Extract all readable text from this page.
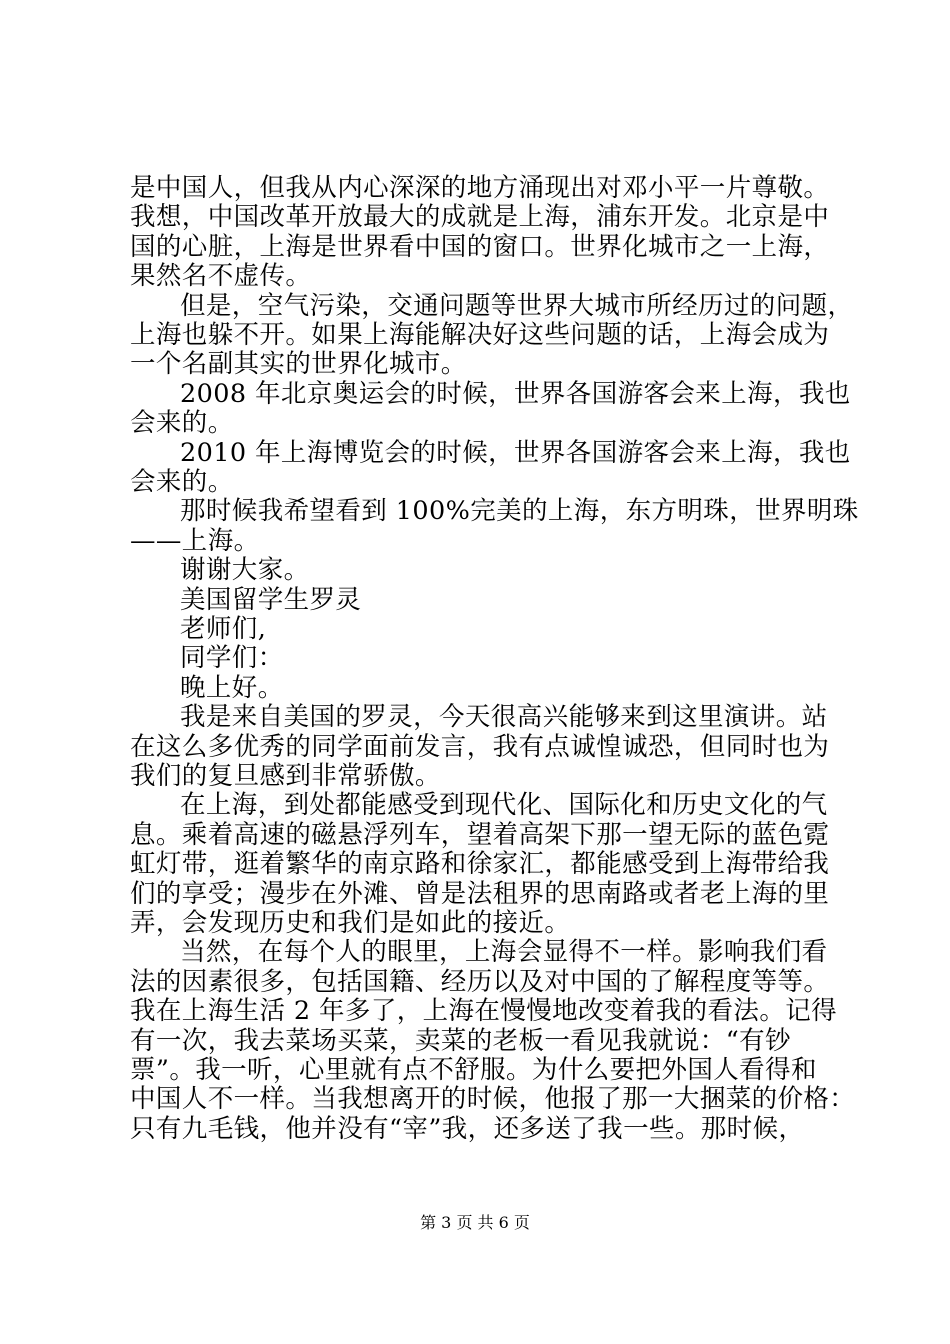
是中国人，但我从内心深深的地方涌现出对邓小平一片尊敬。
我想，中国改革开放最大的成就是上海，浦东开发。北京是中
国的心脏，上海是世界看中国的窗口。世界化城市之一上海，
果然名不虚传。
但是，空气污染，交通问题等世界大城市所经历过的问题，
上海也躲不开。如果上海能解决好这些问题的话，上海会成为
一个名副其实的世界化城市。
2008 年北京奥运会的时候，世界各国游客会来上海，我也
会来的。
2010 年上海博览会的时候，世界各国游客会来上海，我也
会来的。
那时候我希望看到 100%完美的上海，东方明珠，世界明珠
——上海。
谢谢大家。
美国留学生罗灵
老师们,
同学们：
晚上好。
我是来自美国的罗灵，今天很高兴能够来到这里演讲。站
在这么多优秀的同学面前发言，我有点诚惶诚恐，但同时也为
我们的复旦感到非常骄傲。
在上海，到处都能感受到现代化、国际化和历史文化的气
息。乘着高速的磁悬浮列车，望着高架下那一望无际的蓝色霓
虹灯带，逛着繁华的南京路和徐家汇，都能感受到上海带给我
们的享受；漫步在外滩、曾是法租界的思南路或者老上海的里
弄，会发现历史和我们是如此的接近。
当然，在每个人的眼里，上海会显得不一样。影响我们看
法的因素很多，包括国籍、经历以及对中国的了解程度等等。
我在上海生活 2 年多了，上海在慢慢地改变着我的看法。记得
有一次，我去菜场买菜，卖菜的老板一看见我就说：“有钞
票”。我一听，心里就有点不舒服。为什么要把外国人看得和
中国人不一样。当我想离开的时候，他报了那一大捆菜的价格：
只有九毛钱，他并没有“宰”我，还多送了我一些。那时候，
第 3 页 共 6 页
